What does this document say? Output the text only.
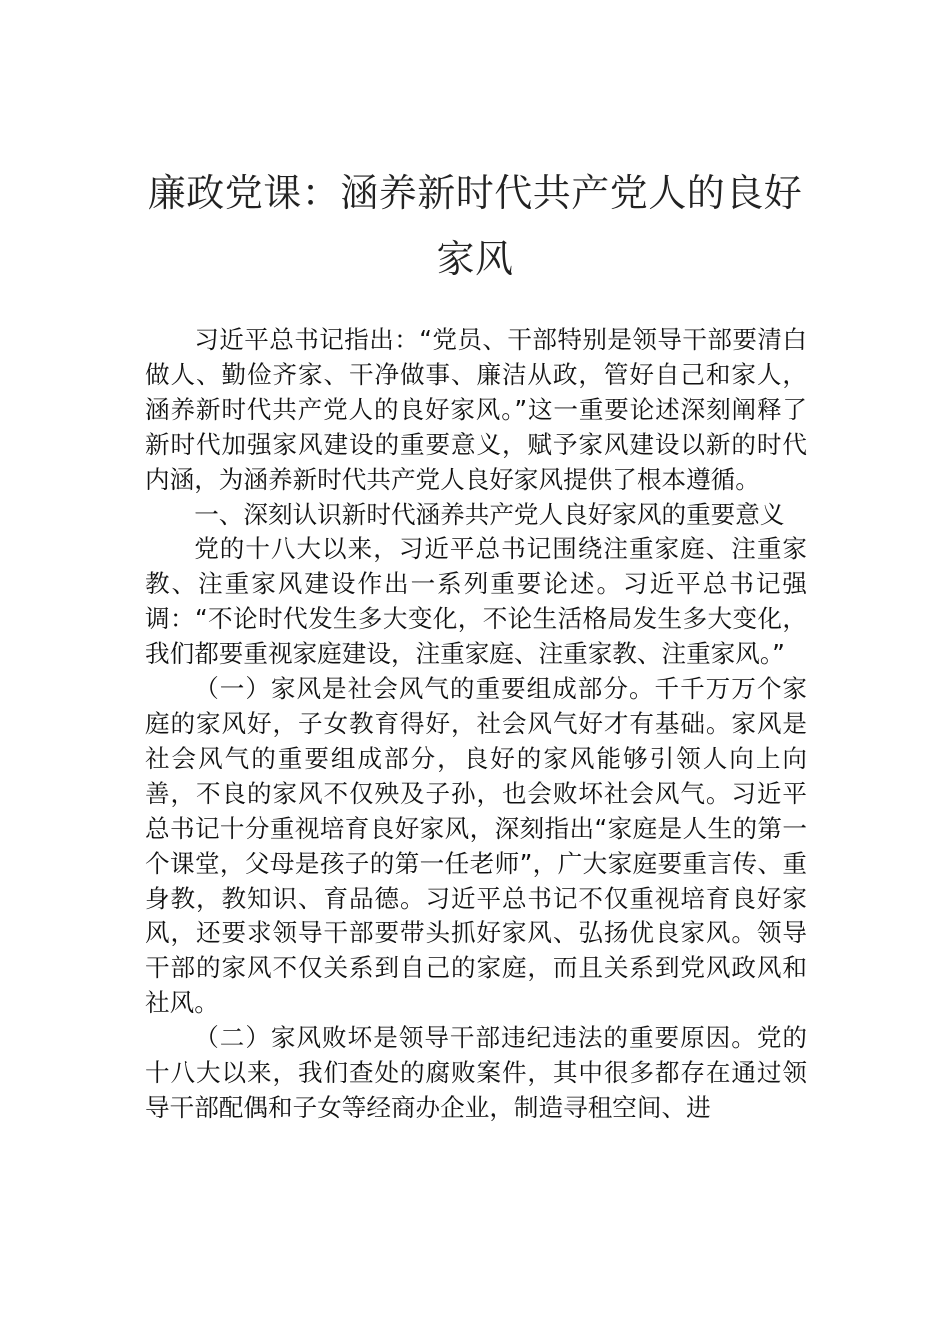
廉政党课：涵养新时代共产党人的良好家风

习近平总书记指出：“党员、干部特别是领导干部要清白做人、勤俭齐家、干净做事、廉洁从政，管好自己和家人，涵养新时代共产党人的良好家风。”这一重要论述深刻阐释了新时代加强家风建设的重要意义，赋予家风建设以新的时代内涵，为涵养新时代共产党人良好家风提供了根本遵循。

一、深刻认识新时代涵养共产党人良好家风的重要意义

党的十八大以来，习近平总书记围绕注重家庭、注重家教、注重家风建设作出一系列重要论述。习近平总书记强调：“不论时代发生多大变化，不论生活格局发生多大变化，我们都要重视家庭建设，注重家庭、注重家教、注重家风。”

（一）家风是社会风气的重要组成部分。千千万万个家庭的家风好，子女教育得好，社会风气好才有基础。家风是社会风气的重要组成部分，良好的家风能够引领人向上向善，不良的家风不仅殃及子孙，也会败坏社会风气。习近平总书记十分重视培育良好家风，深刻指出“家庭是人生的第一个课堂，父母是孩子的第一任老师”，广大家庭要重言传、重身教，教知识、育品德。习近平总书记不仅重视培育良好家风，还要求领导干部要带头抓好家风、弘扬优良家风。领导干部的家风不仅关系到自己的家庭，而且关系到党风政风和社风。

（二）家风败坏是领导干部违纪违法的重要原因。党的十八大以来，我们查处的腐败案件，其中很多都存在通过领导干部配偶和子女等经商办企业，制造寻租空间、进
